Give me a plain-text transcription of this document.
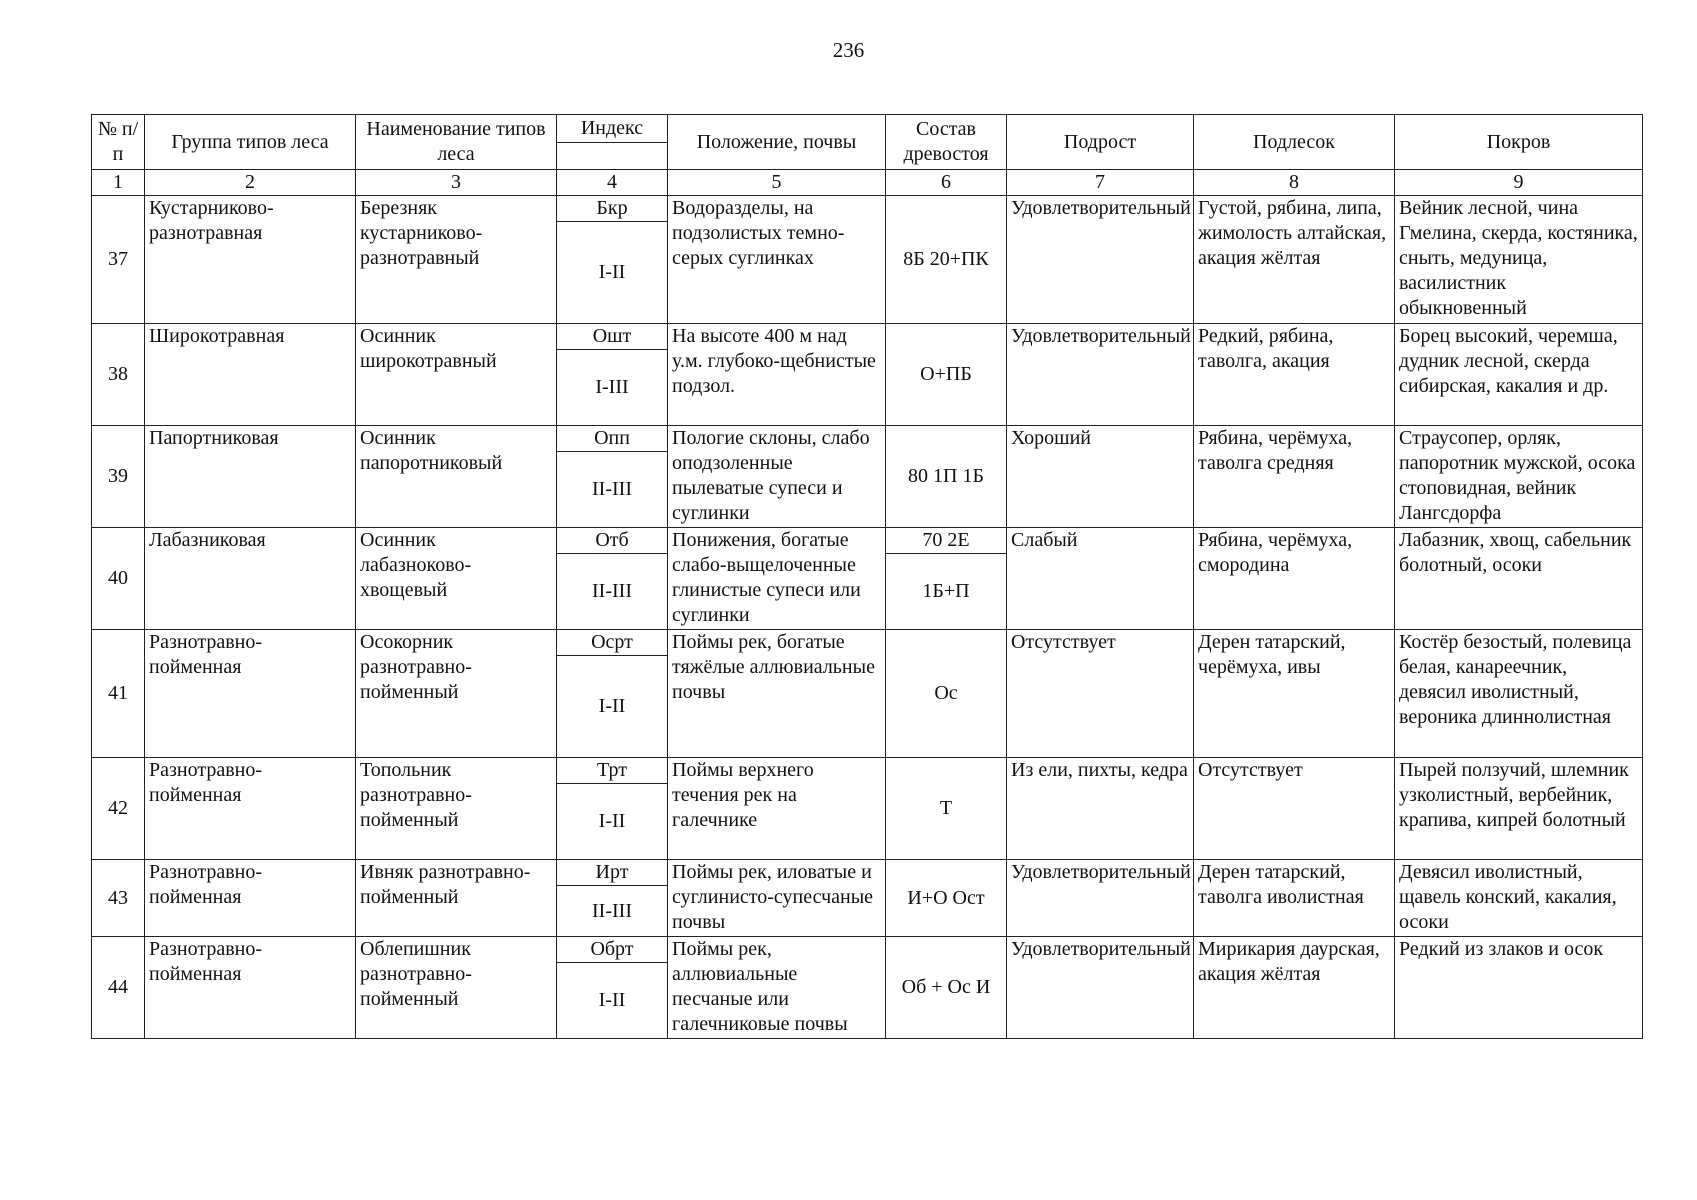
236
№ п/п	Группа типов леса	Наименование типов леса	Индекс	Положение, почвы	Состав древостоя	Подрост	Подлесок	Покров

1	2	3	4	5	6	7	8	9
37	Кустарниково-разнотравная	Березняк кустарниково-разнотравный	Бкр	Водоразделы, на подзолистых темно-серых суглинках	8Б 20+ПК	Удовлетворительный	Густой, рябина, липа, жимолость алтайская, акация жёлтая	Вейник лесной, чина Гмелина, скерда, костяника, сныть, медуница, василистник обыкновенный
			I-II					
38	Широкотравная	Осинник широкотравный	Ошт	На высоте 400 м над у.м. глубоко-щебнистые подзол.	О+ПБ	Удовлетворительный	Редкий, рябина, таволга, акация	Борец высокий, черемша, дудник лесной, скерда сибирская, какалия и др.
			I-III					
39	Папортниковая	Осинник папоротниковый	Опп	Пологие склоны, слабо оподзоленные пылеватые супеси и суглинки	80 1П 1Б	Хороший	Рябина, черёмуха, таволга средняя	Страусопер, орляк, папоротник мужской, осока стоповидная, вейник Лангсдорфа
			II-III					
40	Лабазниковая	Осинник лабазноково-хвощевый	Отб	Понижения, богатые слабо-выщелоченные глинистые супеси или суглинки	70 2Е	Слабый	Рябина, черёмуха, смородина	Лабазник, хвощ, сабельник болотный, осоки
			II-III		1Б+П			
41	Разнотравно-пойменная	Осокорник разнотравно-пойменный	Осрт	Поймы рек, богатые тяжёлые аллювиальные почвы	Ос	Отсутствует	Дерен татарский, черёмуха, ивы	Костёр безостый, полевица белая, канареечник, девясил иволистный, вероника длиннолистная
			I-II					
42	Разнотравно-пойменная	Топольник разнотравно-пойменный	Трт	Поймы верхнего течения рек на галечнике	Т	Из ели, пихты, кедра	Отсутствует	Пырей ползучий, шлемник узколистный, вербейник, крапива, кипрей болотный
			I-II					
43	Разнотравно-пойменная	Ивняк разнотравно-пойменный	Ирт	Поймы рек, иловатые и суглинисто-супесчаные почвы	И+О Ост	Удовлетворительный	Дерен татарский, таволга иволистная	Девясил иволистный, щавель конский, какалия, осоки
			II-III					
44	Разнотравно-пойменная	Облепишник разнотравно-пойменный	Обрт	Поймы рек, аллювиальные песчаные или галечниковые почвы	Об + Ос И	Удовлетворительный	Мирикария даурская, акация жёлтая	Редкий из злаков и осок
			I-II					
